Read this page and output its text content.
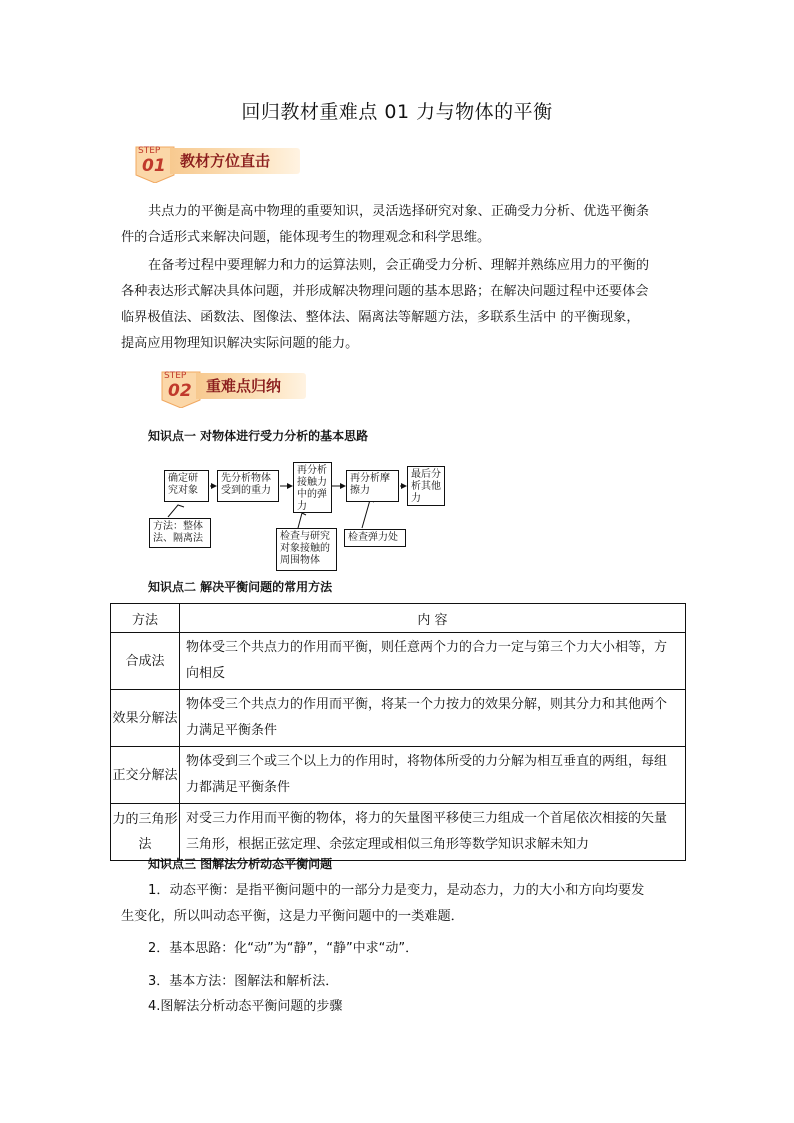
回归教材重难点 01 力与物体的平衡
STEP
01 教材方位直击
共点力的平衡是高中物理的重要知识，灵活选择研究对象、正确受力分析、优选平衡条
件的合适形式来解决问题，能体现考生的物理观念和科学思维。
在备考过程中要理解力和力的运算法则，会正确受力分析、理解并熟练应用力的平衡的
各种表达形式解决具体问题，并形成解决物理问题的基本思路；在解决问题过程中还要体会
临界极值法、函数法、图像法、整体法、隔离法等解题方法，多联系生活中 的平衡现象，
提高应用物理知识解决实际问题的能力。
STEP
02 重难点归纳
知识点一 对物体进行受力分析的基本思路
确定研究对象
先分析物体受到的重力
再分析接触力中的弹力
再分析摩擦力
最后分析其他力
方法：整体法、隔离法	检查与研究对象接触的周围物体
检查弹力处
知识点二 解决平衡问题的常用方法
方法	内 容
合成法	物体受三个共点力的作用而平衡，则任意两个力的合力一定与第三个力大小相等，方向相反
效果分解法	物体受三个共点力的作用而平衡，将某一个力按力的效果分解，则其分力和其他两个力满足平衡条件
正交分解法	物体受到三个或三个以上力的作用时，将物体所受的力分解为相互垂直的两组，每组力都满足平衡条件
力的三角形法	对受三力作用而平衡的物体，将力的矢量图平移使三力组成一个首尾依次相接的矢量三角形，根据正弦定理、余弦定理或相似三角形等数学知识求解未知力
知识点三 图解法分析动态平衡问题
1．动态平衡：是指平衡问题中的一部分力是变力，是动态力，力的大小和方向均要发
生变化，所以叫动态平衡，这是力平衡问题中的一类难题．
2．基本思路：化“动”为“静”，“静”中求“动”．
3．基本方法：图解法和解析法．
4.图解法分析动态平衡问题的步骤
